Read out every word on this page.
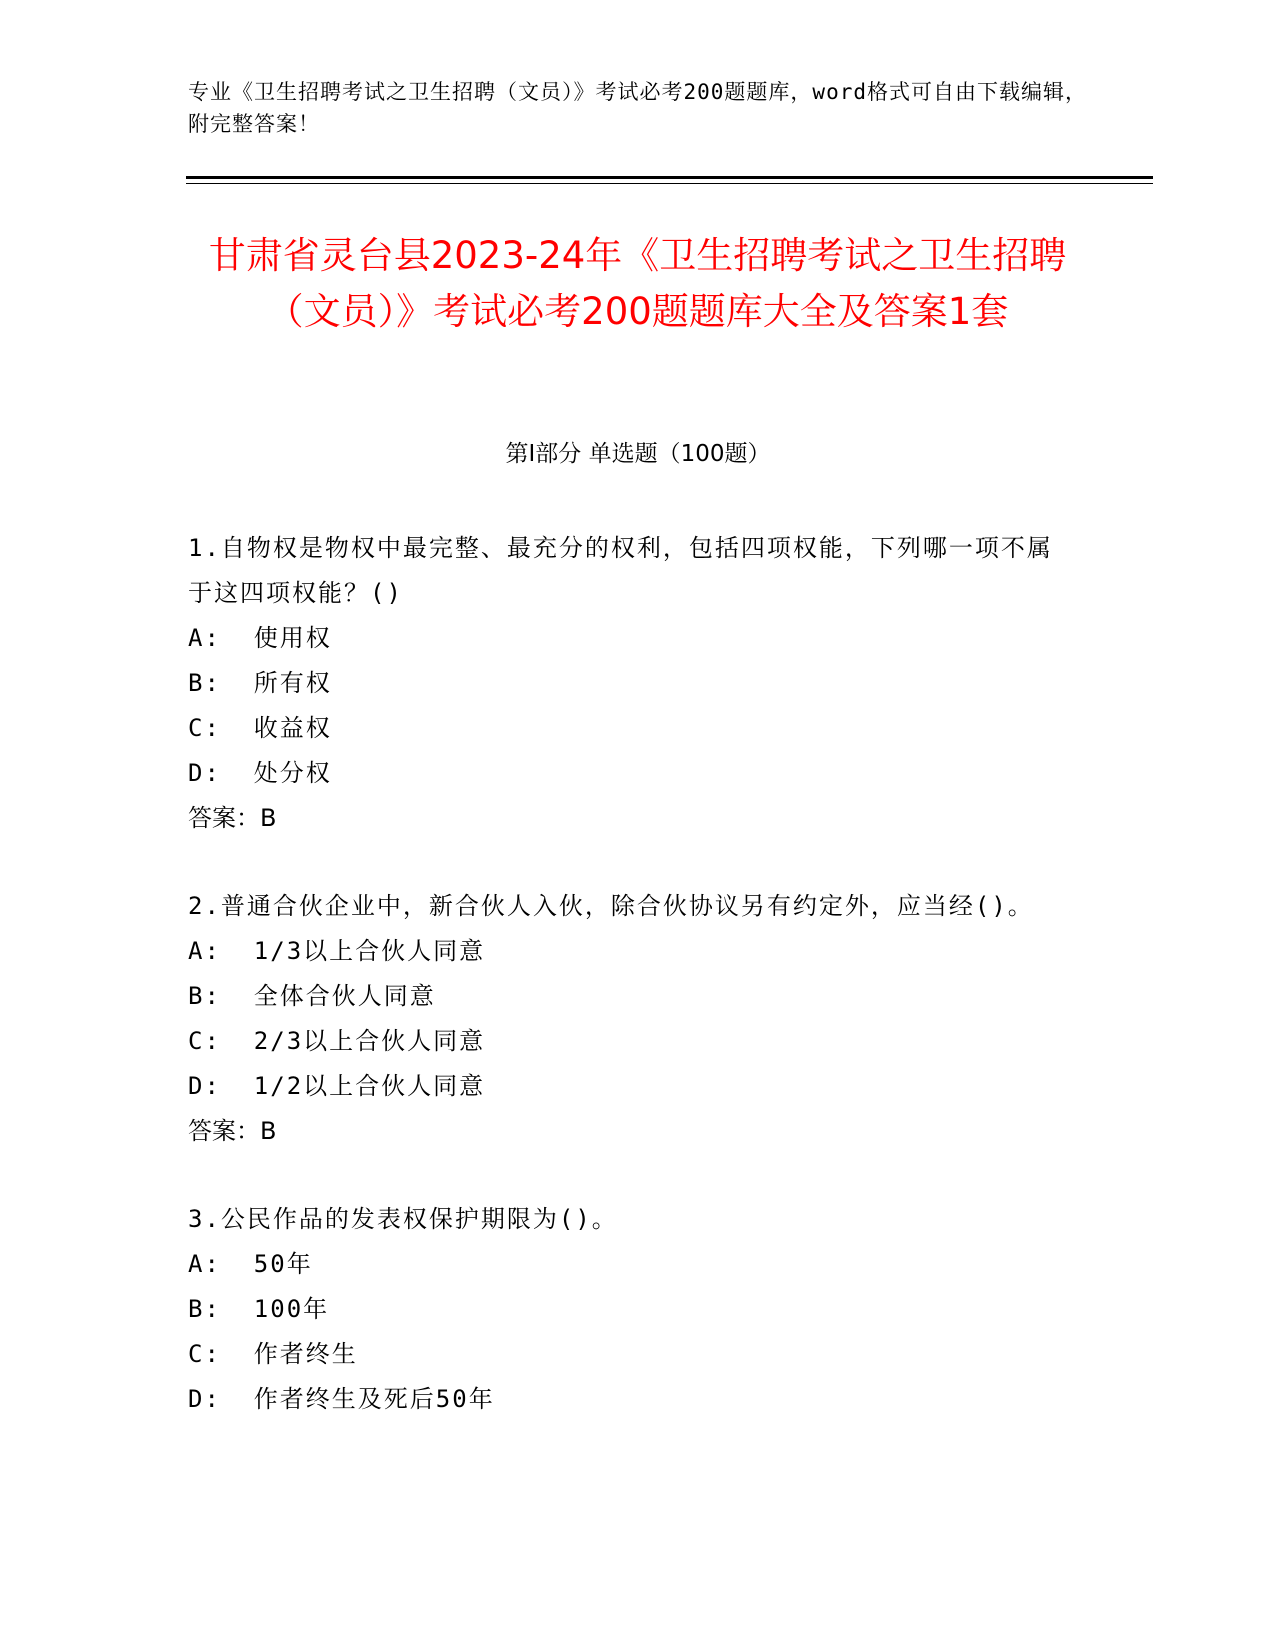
专业《卫生招聘考试之卫生招聘（文员）》考试必考200题题库，word格式可自由下载编辑，附完整答案！
甘肃省灵台县2023-24年《卫生招聘考试之卫生招聘（文员）》考试必考200题题库大全及答案1套
第Ⅰ部分 单选题（100题）

1.自物权是物权中最完整、最充分的权利，包括四项权能，下列哪一项不属于这四项权能？()

A:  使用权

B:  所有权

C:  收益权

D:  处分权

答案：B

2.普通合伙企业中，新合伙人入伙，除合伙协议另有约定外，应当经()。

A:  1/3以上合伙人同意

B:  全体合伙人同意

C:  2/3以上合伙人同意

D:  1/2以上合伙人同意

答案：B

3.公民作品的发表权保护期限为()。

A:  50年

B:  100年

C:  作者终生

D:  作者终生及死后50年
